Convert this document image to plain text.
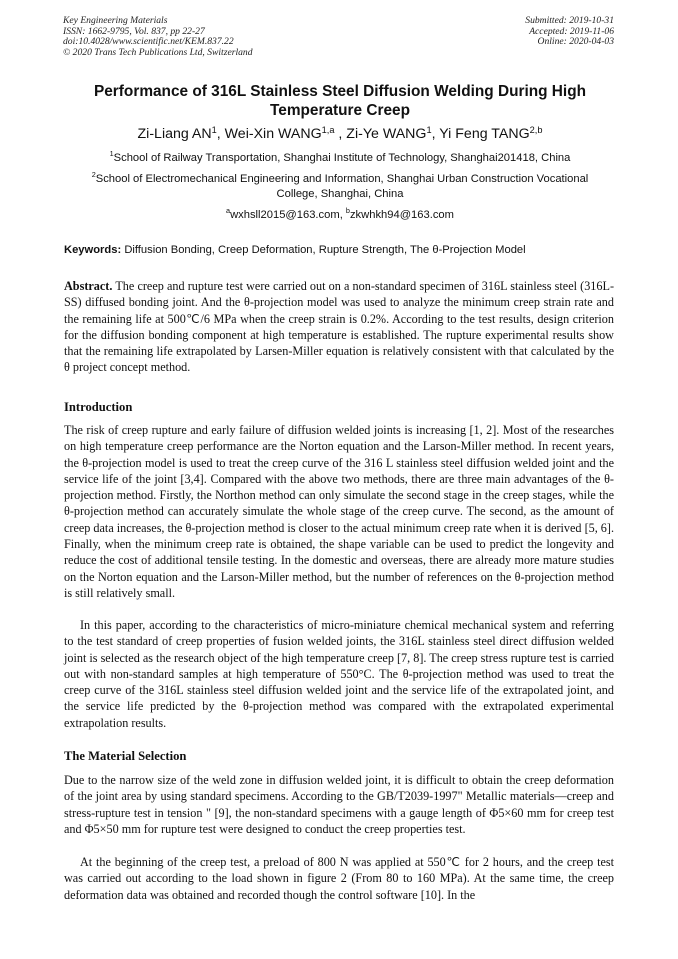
Key Engineering Materials
ISSN: 1662-9795, Vol. 837, pp 22-27
doi:10.4028/www.scientific.net/KEM.837.22
© 2020 Trans Tech Publications Ltd, Switzerland
Submitted: 2019-10-31
Accepted: 2019-11-06
Online: 2020-04-03
Performance of 316L Stainless Steel Diffusion Welding During High Temperature Creep
Zi-Liang $AN^1$, Wei-Xin WANG$^{1,a}$ , Zi-Ye WANG$^1$, Yi Feng TANG$^{2,b}$
$^1$School of Railway Transportation, Shanghai Institute of Technology, Shanghai201418, China
$^2$School of Electromechanical Engineering and Information, Shanghai Urban Construction Vocational College, Shanghai, China
$^a$wxhsll2015@163.com, $^b$zkwhkh94@163.com
Keywords: Diffusion Bonding, Creep Deformation, Rupture Strength, The θ-Projection Model

Abstract. The creep and rupture test were carried out on a non-standard specimen of 316L stainless steel (316L-SS) diffused bonding joint. And the θ-projection model was used to analyze the minimum creep strain rate and the remaining life at 500℃/6 MPa when the creep strain is 0.2%. According to the test results, design criterion for the diffusion bonding component at high temperature is established. The rupture experimental results show that the remaining life extrapolated by Larsen-Miller equation is relatively consistent with that calculated by the θ project concept method.

Introduction

The risk of creep rupture and early failure of diffusion welded joints is increasing [1, 2]. Most of the researches on high temperature creep performance are the Norton equation and the Larson-Miller method. In recent years, the θ-projection model is used to treat the creep curve of the 316 L stainless steel diffusion welded joint and the service life of the joint [3,4]. Compared with the above two methods, there are three main advantages of the θ-projection method. Firstly, the Northon method can only simulate the second stage in the creep stages, while the θ-projection method can accurately simulate the whole stage of the creep curve. The second, as the amount of creep data increases, the θ-projection method is closer to the actual minimum creep rate when it is derived [5, 6]. Finally, when the minimum creep rate is obtained, the shape variable can be used to predict the longevity and reduce the cost of additional tensile testing. In the domestic and overseas, there are already more mature studies on the Norton equation and the Larson-Miller method, but the number of references on the θ-projection method is still relatively small.

In this paper, according to the characteristics of micro-miniature chemical mechanical system and referring to the test standard of creep properties of fusion welded joints, the 316L stainless steel direct diffusion welded joint is selected as the research object of the high temperature creep [7, 8]. The creep stress rupture test is carried out with non-standard samples at high temperature of 550°C. The θ-projection method was used to treat the creep curve of the 316L stainless steel diffusion welded joint and the service life of the extrapolated joint, and the service life predicted by the θ-projection method was compared with the extrapolated experimental extrapolation results.

The Material Selection

Due to the narrow size of the weld zone in diffusion welded joint, it is difficult to obtain the creep deformation of the joint area by using standard specimens. According to the GB/T2039-1997" Metallic materials—creep and stress-rupture test in tension " [9], the non-standard specimens with a gauge length of Φ5×60 mm for creep test and Φ5×50 mm for rupture test were designed to conduct the creep properties test.

At the beginning of the creep test, a preload of 800 N was applied at 550℃ for 2 hours, and the creep test was carried out according to the load shown in figure 2 (From 80 to 160 MPa). At the same time, the creep deformation data was obtained and recorded though the control software [10]. In the
